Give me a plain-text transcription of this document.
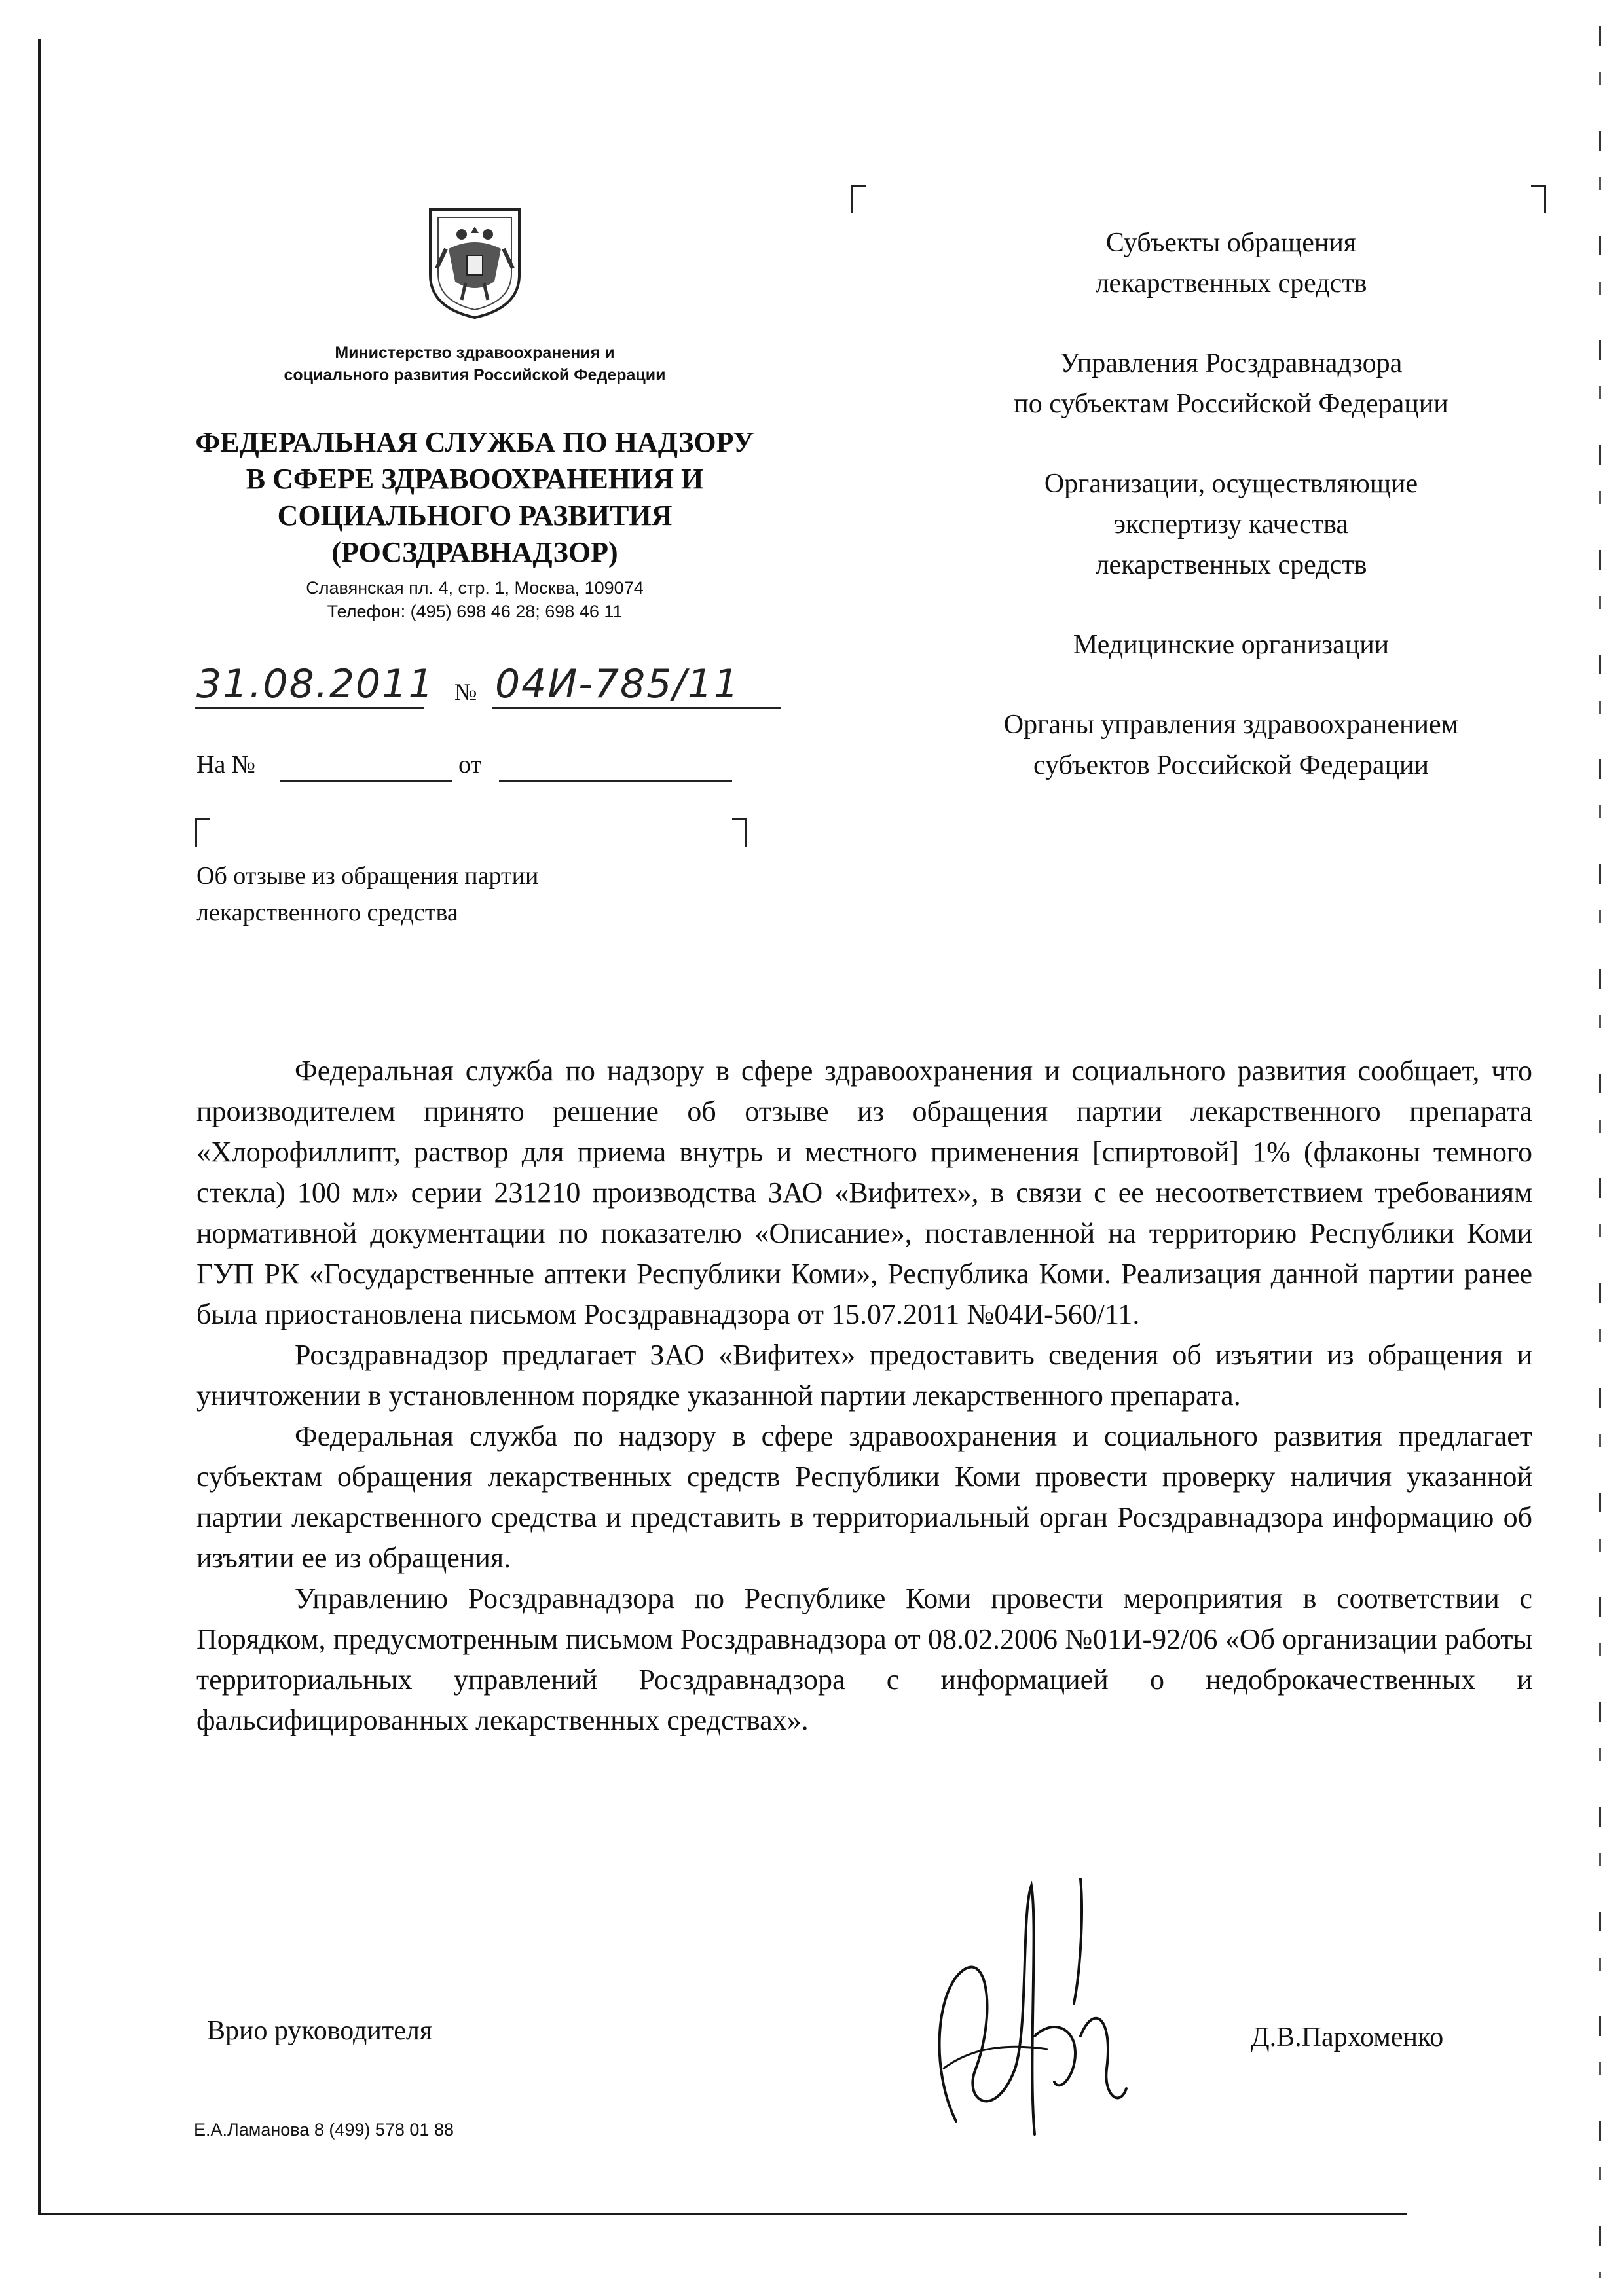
Министерство здравоохранения и
социального развития Российской Федерации
ФЕДЕРАЛЬНАЯ СЛУЖБА ПО НАДЗОРУ
В СФЕРЕ ЗДРАВООХРАНЕНИЯ И
СОЦИАЛЬНОГО РАЗВИТИЯ
(РОСЗДРАВНАДЗОР)
Славянская пл. 4, стр. 1, Москва, 109074
Телефон: (495) 698 46 28; 698 46 11
31.08.2011 № 04И-785/11
На №	от
Об отзыве из обращения партии
лекарственного средства
Субъекты обращения
лекарственных средств
Управления Росздравнадзора
по субъектам Российской Федерации
Организации, осуществляющие
экспертизу качества
лекарственных средств
Медицинские организации
Органы управления здравоохранением
субъектов Российской Федерации

Федеральная служба по надзору в сфере здравоохранения и социального развития сообщает, что производителем принято решение об отзыве из обращения партии лекарственного препарата «Хлорофиллипт, раствор для приема внутрь и местного применения [спиртовой] 1% (флаконы темного стекла) 100 мл» серии 231210 производства ЗАО «Вифитех», в связи с ее несоответствием требованиям нормативной документации по показателю «Описание», поставленной на территорию Республики Коми ГУП РК «Государственные аптеки Республики Коми», Республика Коми. Реализация данной партии ранее была приостановлена письмом Росздравнадзора от 15.07.2011 №04И-560/11.

Росздравнадзор предлагает ЗАО «Вифитех» предоставить сведения об изъятии из обращения и уничтожении в установленном порядке указанной партии лекарственного препарата.

Федеральная служба по надзору в сфере здравоохранения и социального развития предлагает субъектам обращения лекарственных средств Республики Коми провести проверку наличия указанной партии лекарственного средства и представить в территориальный орган Росздравнадзора информацию об изъятии ее из обращения.

Управлению Росздравнадзора по Республике Коми провести мероприятия в соответствии с Порядком, предусмотренным письмом Росздравнадзора от 08.02.2006 №01И-92/06 «Об организации работы территориальных управлений Росздравнадзора с информацией о недоброкачественных и фальсифицированных лекарственных средствах».

Врио руководителя	Д.В.Пархоменко
Е.А.Ламанова 8 (499) 578 01 88
